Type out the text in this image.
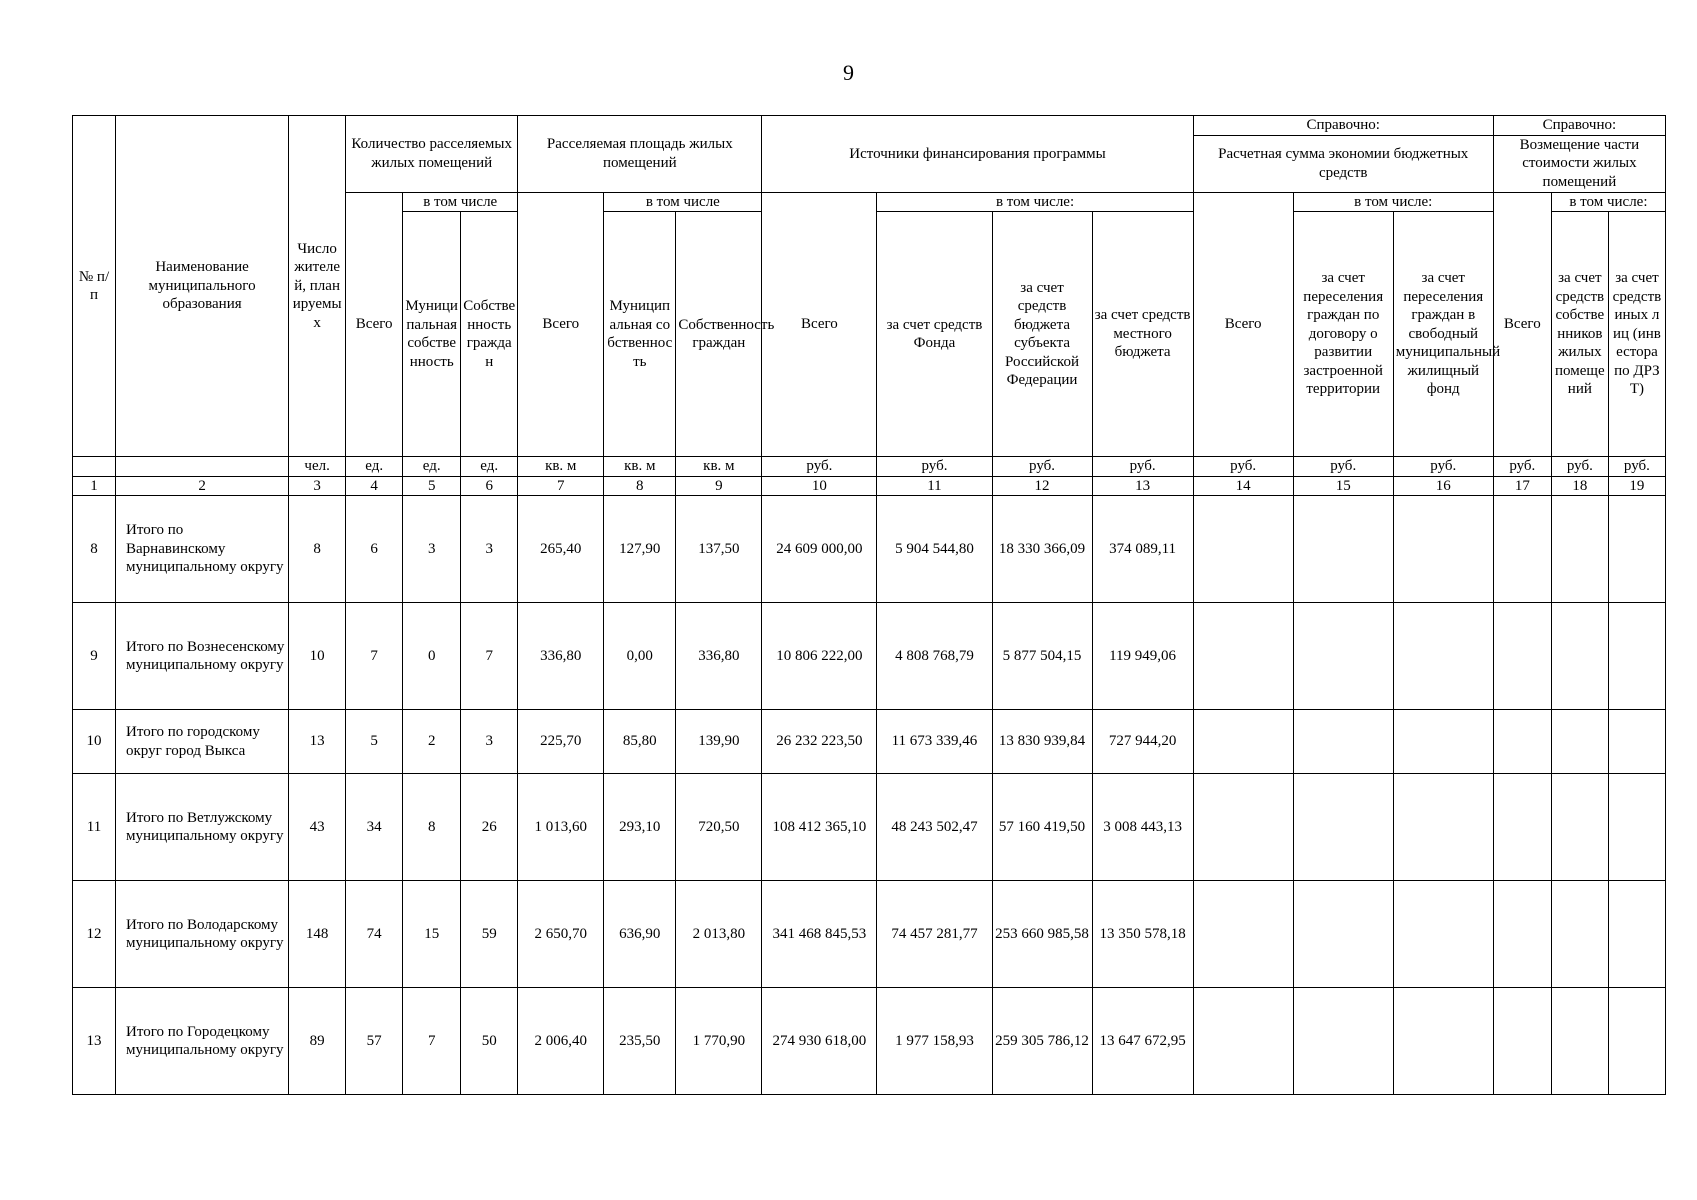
9
№ п/п	Наименование муниципального образования	Число жителей, планируемых	Количество расселяемых жилых помещений			Расселяемая площадь жилых помещений			Источники финансирования программы				Справочно:			Справочно:		
													Расчетная сумма экономии бюджетных средств			Возмещение части стоимости жилых помещений		
			Всего	в том числе		Всего	в том числе		Всего	в том числе:			Всего	в том числе:		Всего	в том числе:	
				Муниципальная собственность	Собственность граждан		Муниципальная собственность	Собственность граждан		за счет средств Фонда	за счет средств бюджета субъекта Российской Федерации	за счет средств местного бюджета		за счет переселения граждан по договору о развитии застроенной территории	за счет переселения граждан в свободный муниципальный жилищный фонд		за счет средств собственников жилых помещений	за счет средств иных лиц (инвестора по ДРЗТ)
		чел.	ед.	ед.	ед.	кв. м	кв. м	кв. м	руб.	руб.	руб.	руб.	руб.	руб.	руб.	руб.	руб.	руб.
1	2	3	4	5	6	7	8	9	10	11	12	13	14	15	16	17	18	19
8	Итого по Варнавинскому муниципальному округу	8	6	3	3	265,40	127,90	137,50	24 609 000,00	5 904 544,80	18 330 366,09	374 089,11						
9	Итого по Вознесенскому муниципальному округу	10	7	0	7	336,80	0,00	336,80	10 806 222,00	4 808 768,79	5 877 504,15	119 949,06						
10	Итого по городскому округ город Выкса	13	5	2	3	225,70	85,80	139,90	26 232 223,50	11 673 339,46	13 830 939,84	727 944,20						
11	Итого по Ветлужскому муниципальному округу	43	34	8	26	1 013,60	293,10	720,50	108 412 365,10	48 243 502,47	57 160 419,50	3 008 443,13						
12	Итого по Володарскому муниципальному округу	148	74	15	59	2 650,70	636,90	2 013,80	341 468 845,53	74 457 281,77	253 660 985,58	13 350 578,18						
13	Итого по Городецкому муниципальному округу	89	57	7	50	2 006,40	235,50	1 770,90	274 930 618,00	1 977 158,93	259 305 786,12	13 647 672,95						
